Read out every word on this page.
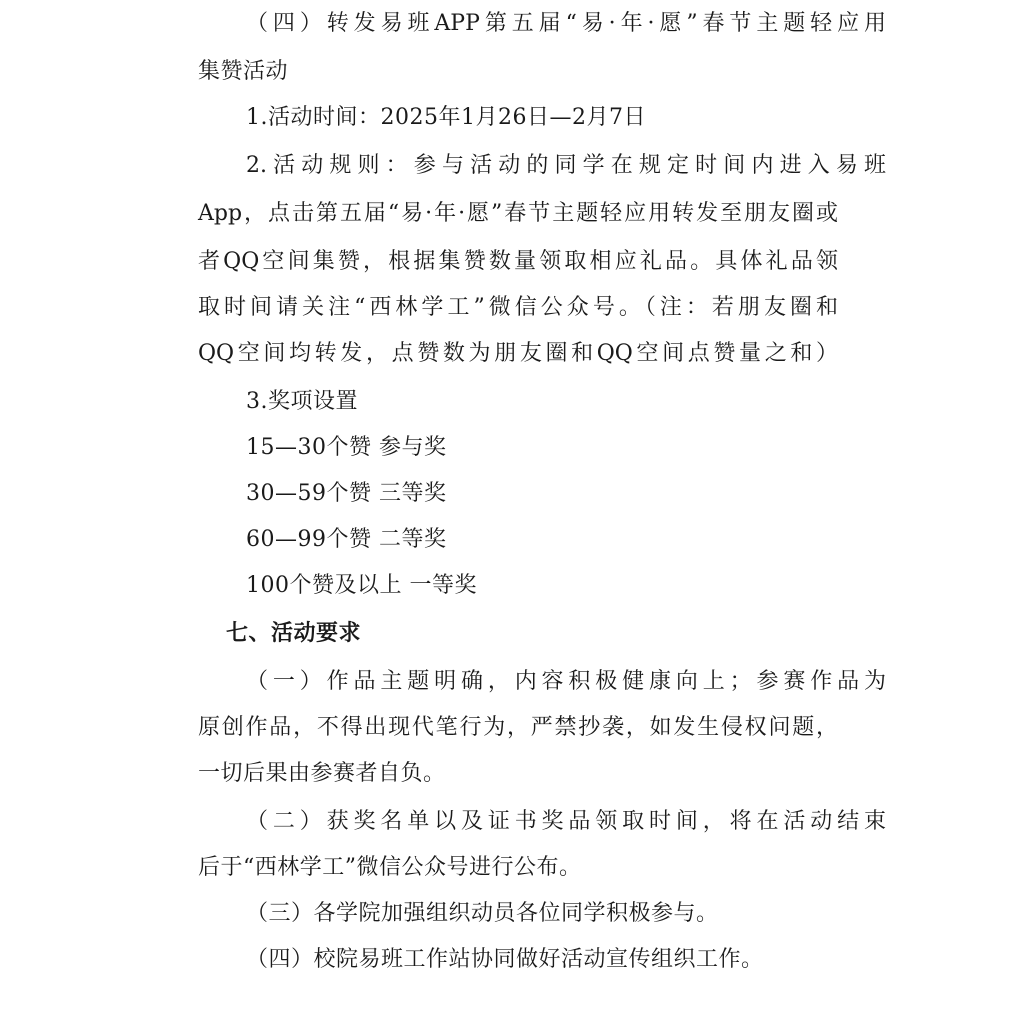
（四）转发易班APP第五届“易·年·愿”春节主题轻应用
集赞活动
1.活动时间：2025年1月26日—2月7日
2.活动规则：参与活动的同学在规定时间内进入易班
App，点击第五届“易·年·愿”春节主题轻应用转发至朋友圈或
者QQ空间集赞，根据集赞数量领取相应礼品。具体礼品领
取时间请关注“西林学工”微信公众号。（注：若朋友圈和
QQ空间均转发，点赞数为朋友圈和QQ空间点赞量之和）
3.奖项设置
15—30个赞 参与奖
30—59个赞 三等奖
60—99个赞 二等奖
100个赞及以上 一等奖
七、活动要求
（一）作品主题明确，内容积极健康向上；参赛作品为
原创作品，不得出现代笔行为，严禁抄袭，如发生侵权问题，
一切后果由参赛者自负。
（二）获奖名单以及证书奖品领取时间，将在活动结束
后于“西林学工”微信公众号进行公布。
（三）各学院加强组织动员各位同学积极参与。
（四）校院易班工作站协同做好活动宣传组织工作。
